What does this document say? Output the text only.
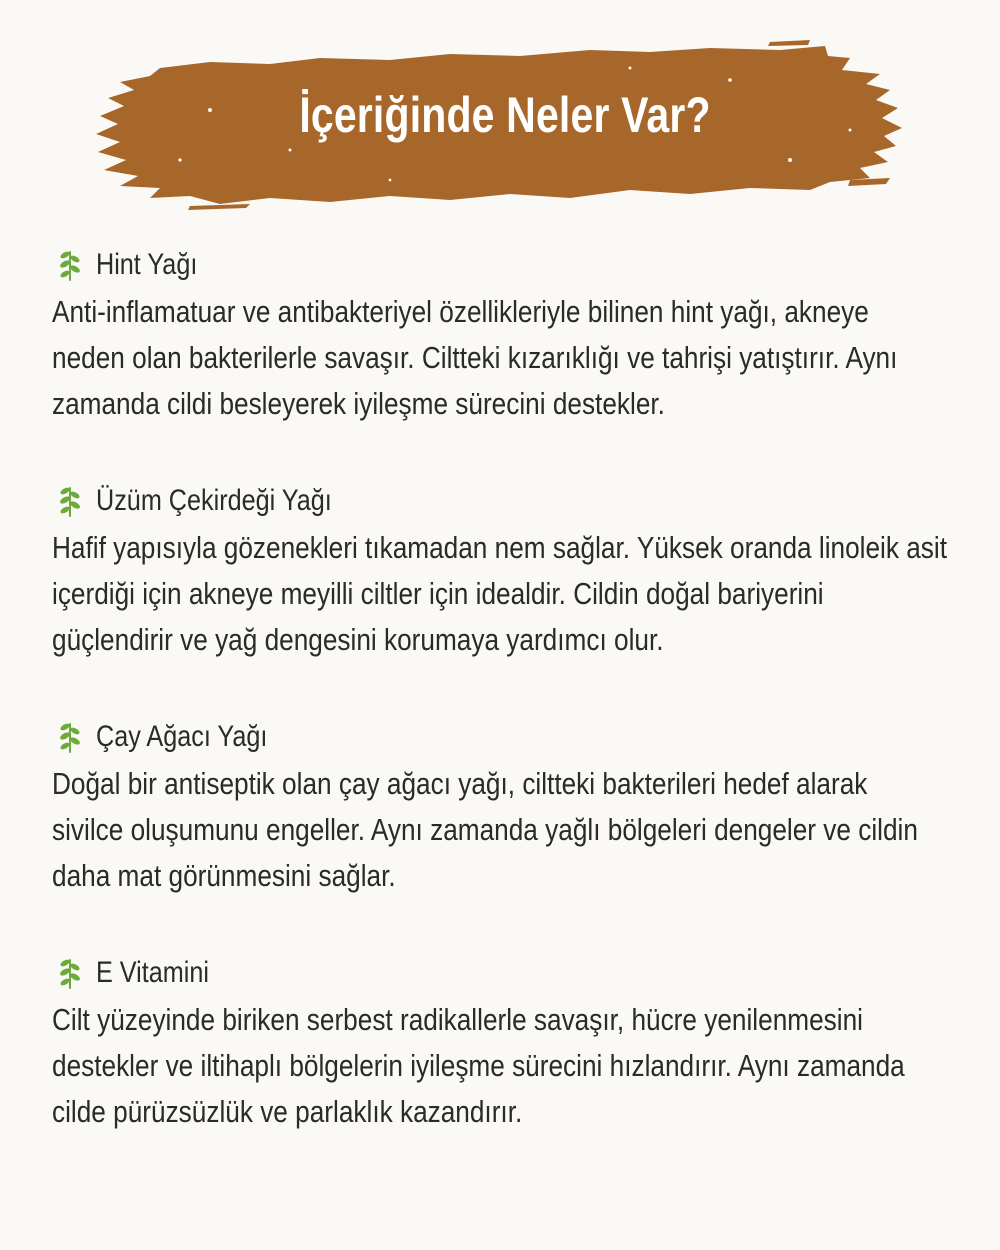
İçeriğinde Neler Var?
Hint Yağı
Anti-inflamatuar ve antibakteriyel özellikleriyle bilinen hint yağı, akneye
neden olan bakterilerle savaşır. Ciltteki kızarıklığı ve tahrişi yatıştırır. Aynı
zamanda cildi besleyerek iyileşme sürecini destekler.
Üzüm Çekirdeği Yağı
Hafif yapısıyla gözenekleri tıkamadan nem sağlar. Yüksek oranda linoleik asit
içerdiği için akneye meyilli ciltler için idealdir. Cildin doğal bariyerini
güçlendirir ve yağ dengesini korumaya yardımcı olur.
Çay Ağacı Yağı
Doğal bir antiseptik olan çay ağacı yağı, ciltteki bakterileri hedef alarak
sivilce oluşumunu engeller. Aynı zamanda yağlı bölgeleri dengeler ve cildin
daha mat görünmesini sağlar.
E Vitamini
Cilt yüzeyinde biriken serbest radikallerle savaşır, hücre yenilenmesini
destekler ve iltihaplı bölgelerin iyileşme sürecini hızlandırır. Aynı zamanda
cilde pürüzsüzlük ve parlaklık kazandırır.
